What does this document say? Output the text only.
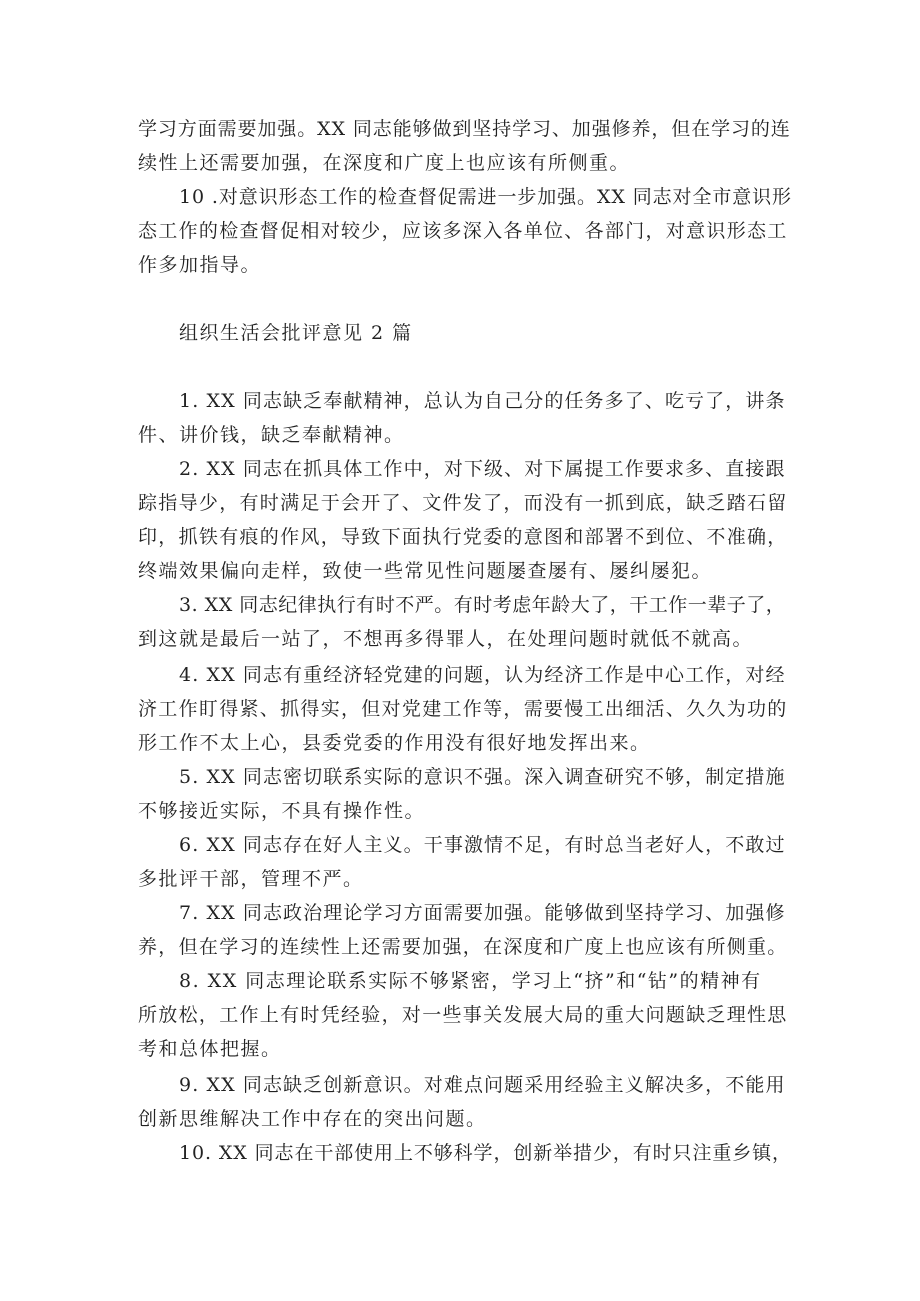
学习方面需要加强。XX 同志能够做到坚持学习、加强修养，但在学习的连
续性上还需要加强，在深度和广度上也应该有所侧重。
10 .对意识形态工作的检查督促需进一步加强。XX 同志对全市意识形
态工作的检查督促相对较少，应该多深入各单位、各部门，对意识形态工
作多加指导。
组织生活会批评意见 2 篇
1. XX 同志缺乏奉献精神，总认为自己分的任务多了、吃亏了，讲条
件、讲价钱，缺乏奉献精神。
2. XX 同志在抓具体工作中，对下级、对下属提工作要求多、直接跟
踪指导少，有时满足于会开了、文件发了，而没有一抓到底，缺乏踏石留
印，抓铁有痕的作风，导致下面执行党委的意图和部署不到位、不准确，
终端效果偏向走样，致使一些常见性问题屡查屡有、屡纠屡犯。
3. XX 同志纪律执行有时不严。有时考虑年龄大了，干工作一辈子了，
到这就是最后一站了，不想再多得罪人，在处理问题时就低不就高。
4. XX 同志有重经济轻党建的问题，认为经济工作是中心工作，对经
济工作盯得紧、抓得实，但对党建工作等，需要慢工出细活、久久为功的
形工作不太上心，县委党委的作用没有很好地发挥出来。
5. XX 同志密切联系实际的意识不强。深入调查研究不够，制定措施
不够接近实际，不具有操作性。
6. XX 同志存在好人主义。干事激情不足，有时总当老好人，不敢过
多批评干部，管理不严。
7. XX 同志政治理论学习方面需要加强。能够做到坚持学习、加强修
养，但在学习的连续性上还需要加强，在深度和广度上也应该有所侧重。
8. XX 同志理论联系实际不够紧密，学习上“挤”和“钻”的精神有
所放松，工作上有时凭经验，对一些事关发展大局的重大问题缺乏理性思
考和总体把握。
9. XX 同志缺乏创新意识。对难点问题采用经验主义解决多，不能用
创新思维解决工作中存在的突出问题。
10. XX 同志在干部使用上不够科学，创新举措少，有时只注重乡镇，
